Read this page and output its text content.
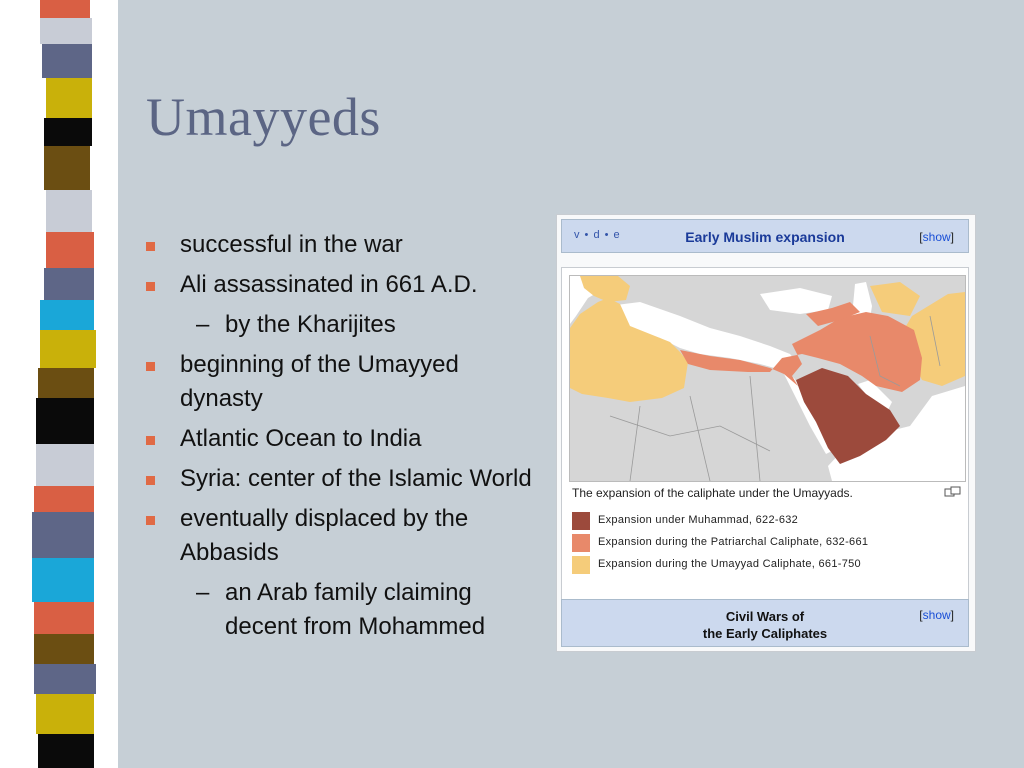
Umayyeds
successful in the war
Ali assassinated in 661 A.D.
– by the Kharijites
beginning of the Umayyed dynasty
Atlantic Ocean to India
Syria: center of the Islamic World
eventually displaced by the Abbasids
– an Arab family claiming decent from Mohammed
v • d • e	Early Muslim expansion	[show]
The expansion of the caliphate under the Umayyads.
Expansion under Muhammad, 622-632
Expansion during the Patriarchal Caliphate, 632-661
Expansion during the Umayyad Caliphate, 661-750
Civil Wars of
the Early Caliphates
[show]
